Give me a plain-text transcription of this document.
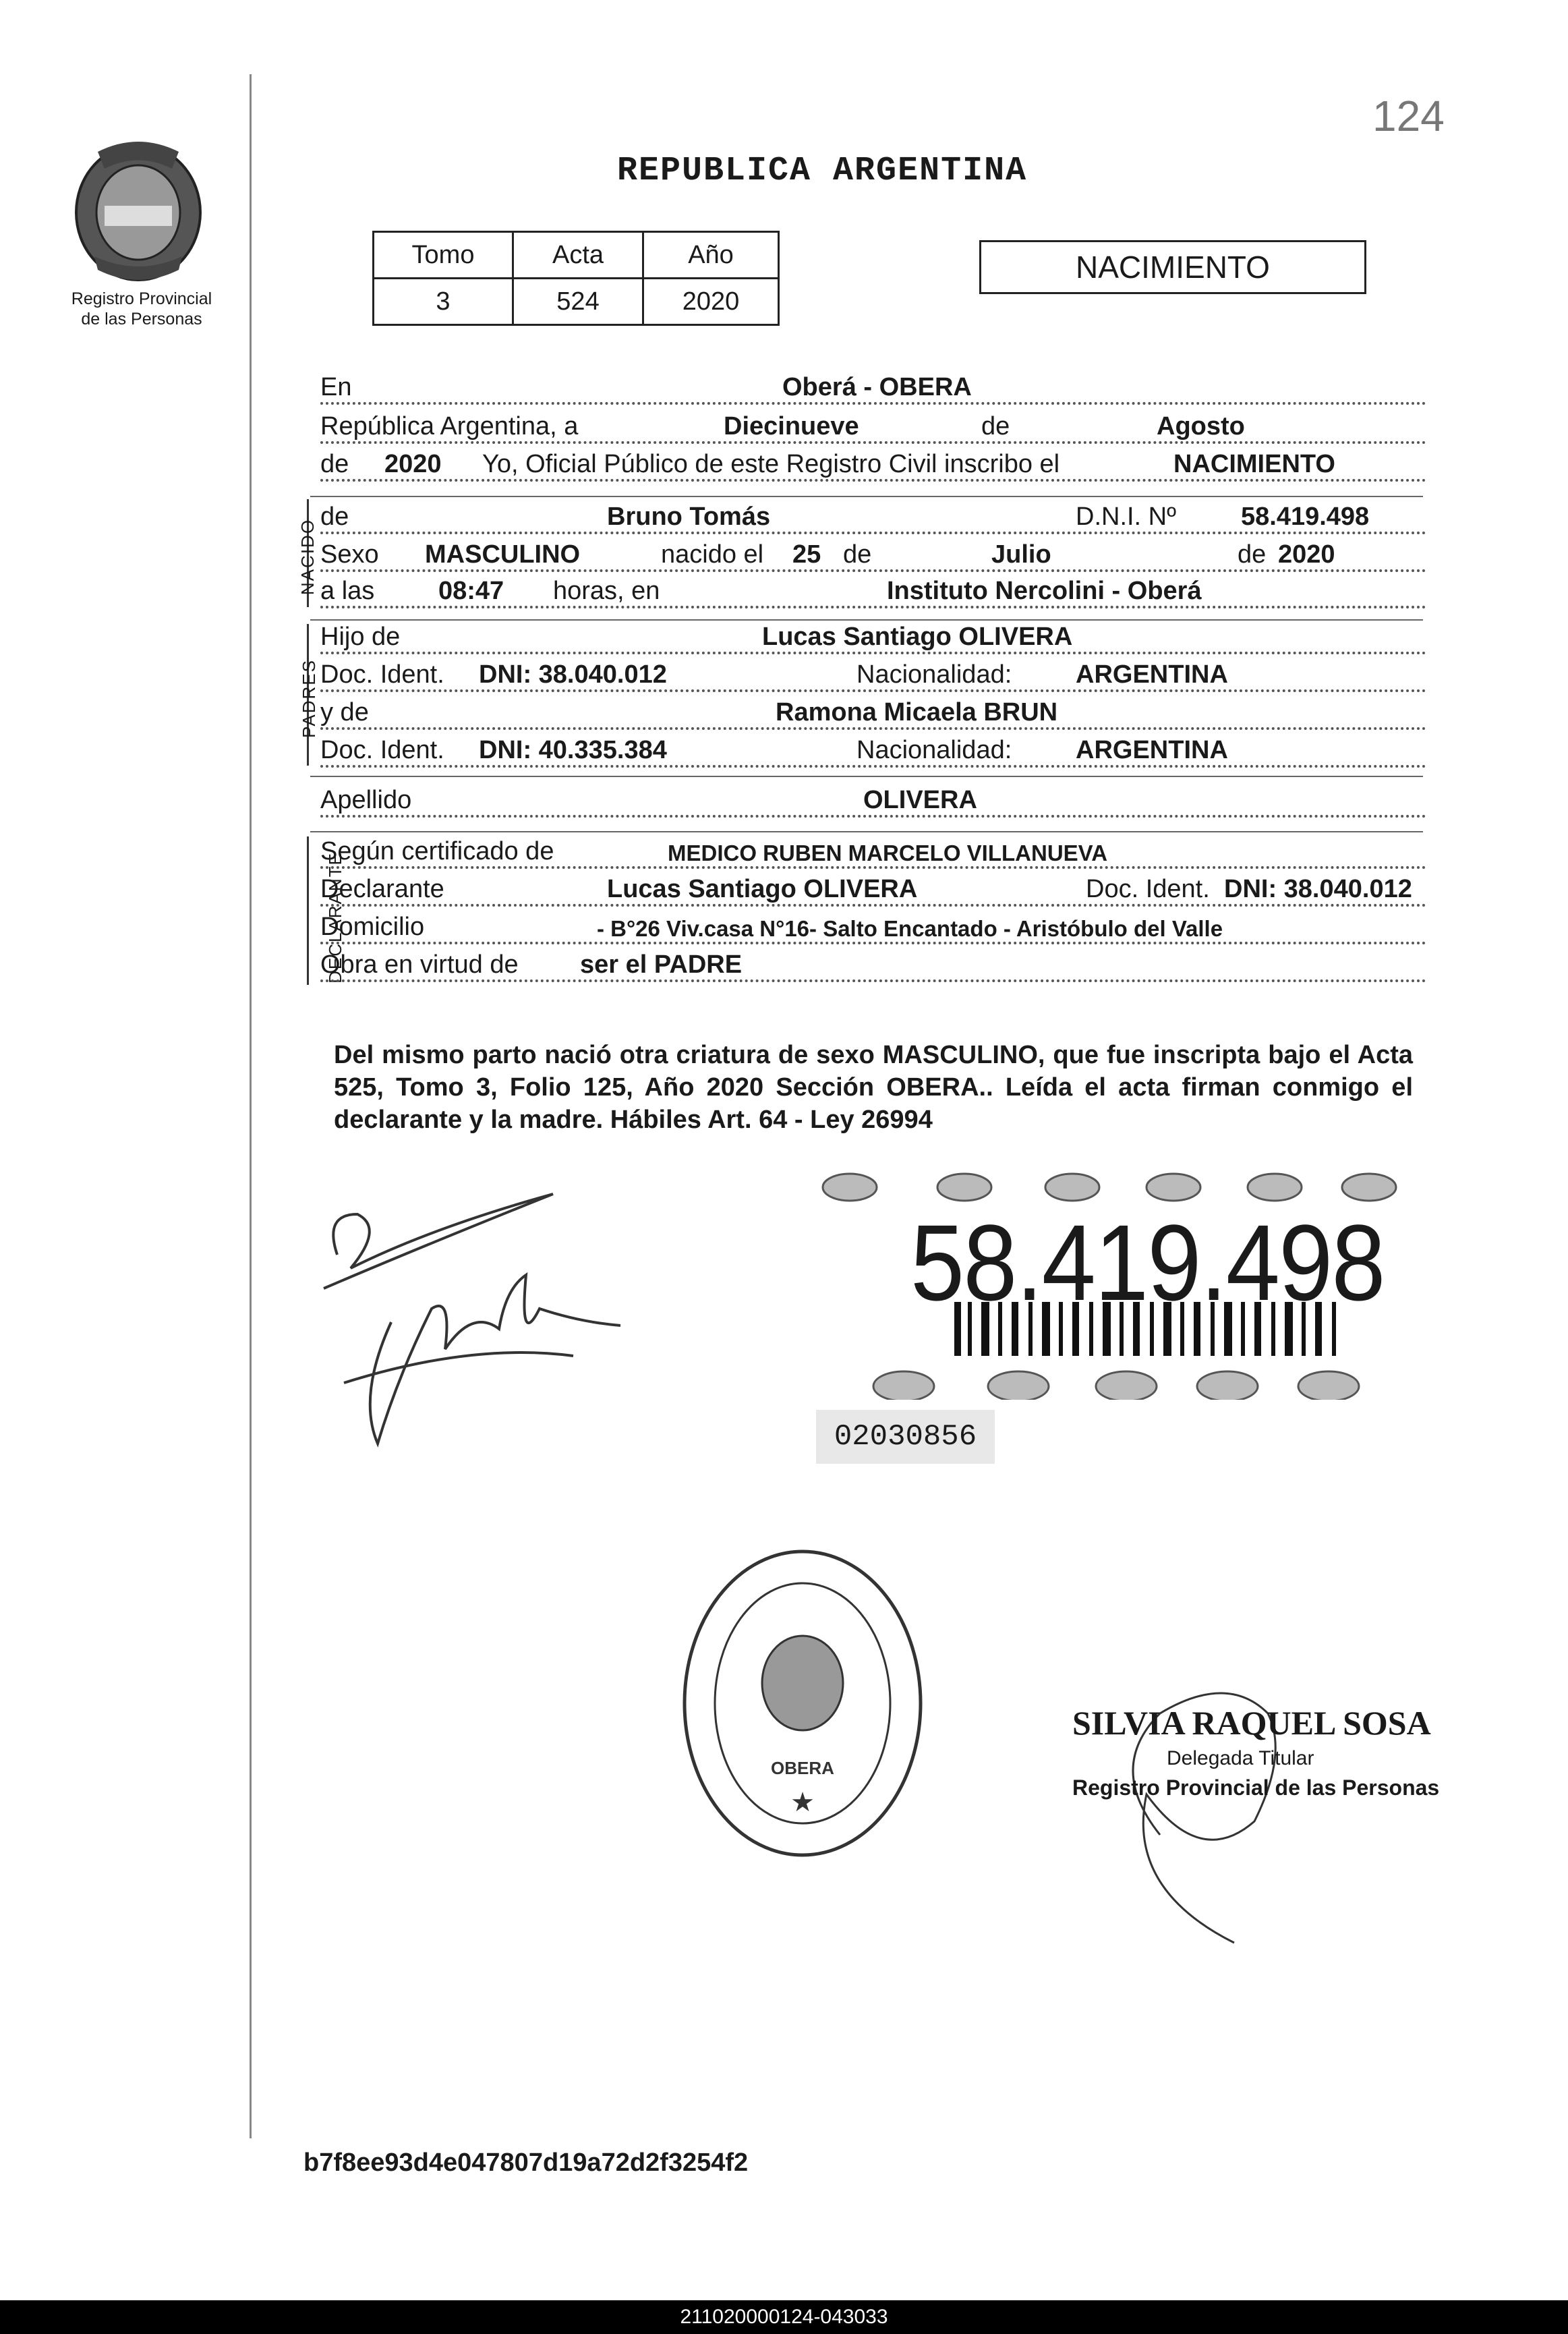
124
Registro Provincial
de las Personas
REPUBLICA ARGENTINA
Tomo	Acta	Año
3	524	2020
NACIMIENTO
En	Oberá - OBERA
República Argentina, a	Diecinueve	de	Agosto
de 2020 Yo, Oficial Público de este Registro Civil inscribo el	NACIMIENTO
NACIDO
de	Bruno Tomás	D.N.I. Nº	58.419.498
Sexo MASCULINO	nacido el 25 de	Julio	de 2020
a las 08:47 horas, en	Instituto Nercolini - Oberá
PADRES
Hijo de	Lucas Santiago OLIVERA
Doc. Ident. DNI: 38.040.012	Nacionalidad: ARGENTINA
y de	Ramona Micaela BRUN
Doc. Ident. DNI: 40.335.384	Nacionalidad: ARGENTINA
Apellido	OLIVERA
DECLARANTE
Según certificado de	MEDICO RUBEN MARCELO VILLANUEVA
Declarante	Lucas Santiago OLIVERA	Doc. Ident. DNI: 38.040.012
Domicilio	- B°26 Viv.casa N°16- Salto Encantado - Aristóbulo del Valle
Obra en virtud de ser el PADRE
Del mismo parto nació otra criatura de sexo MASCULINO, que fue inscripta bajo el Acta 525, Tomo 3, Folio 125, Año 2020 Sección OBERA.. Leída el acta firman conmigo el declarante y la madre. Hábiles Art. 64 - Ley 26994
58.419.498
02030856
OBERA
★
SILVIA RAQUEL SOSA
Delegada Titular
Registro Provincial de las Personas
b7f8ee93d4e047807d19a72d2f3254f2
211020000124-043033
